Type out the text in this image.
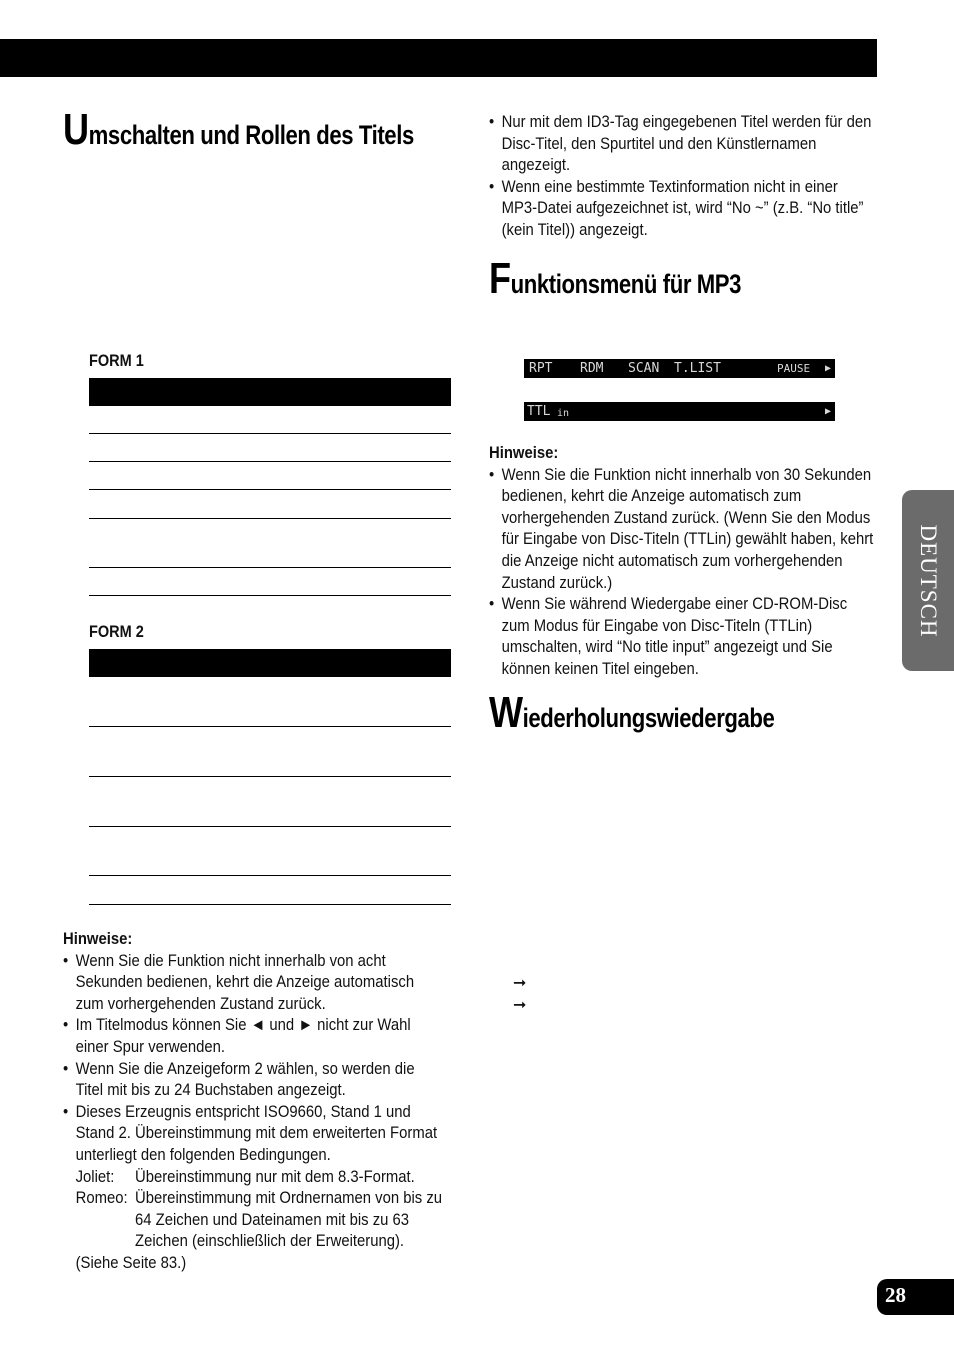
Umschalten und Rollen des Titels
FORM 1
FORM 2
Hinweise:
• Wenn Sie die Funktion nicht innerhalb von acht Sekunden bedienen, kehrt die Anzeige automatisch zum vorhergehenden Zustand zurück.
• Im Titelmodus können Sie ◄ und ► nicht zur Wahl einer Spur verwenden.
• Wenn Sie die Anzeigeform 2 wählen, so werden die Titel mit bis zu 24 Buchstaben angezeigt.
• Dieses Erzeugnis entspricht ISO9660, Stand 1 und Stand 2. Übereinstimmung mit dem erweiterten Format unterliegt den folgenden Bedingungen.
Joliet:	Übereinstimmung nur mit dem 8.3-Format.
Romeo: Übereinstimmung mit Ordnernamen von bis zu 64 Zeichen und Dateinamen mit bis zu 63 Zeichen (einschließlich der Erweiterung).
(Siehe Seite 83.)
• Nur mit dem ID3-Tag eingegebenen Titel werden für den Disc-Titel, den Spurtitel und den Künstlernamen angezeigt.
• Wenn eine bestimmte Textinformation nicht in einer MP3-Datei aufgezeichnet ist, wird “No ~” (z.B. “No title” (kein Titel)) angezeigt.
Funktionsmenü für MP3
RPT RDM SCAN T.LIST	PAUSE ▶
TTL in	▶
Hinweise:
• Wenn Sie die Funktion nicht innerhalb von 30 Sekunden bedienen, kehrt die Anzeige automatisch zum vorhergehenden Zustand zurück. (Wenn Sie den Modus für Eingabe von Disc-Titeln (TTLin) gewählt haben, kehrt die Anzeige nicht automatisch zum vorhergehenden Zustand zurück.)
• Wenn Sie während Wiedergabe einer CD-ROM-Disc zum Modus für Eingabe von Disc-Titeln (TTLin) umschalten, wird “No title input” angezeigt und Sie können keinen Titel eingeben.
Wiederholungswiedergabe
➞
➞
DEUTSCH
28
